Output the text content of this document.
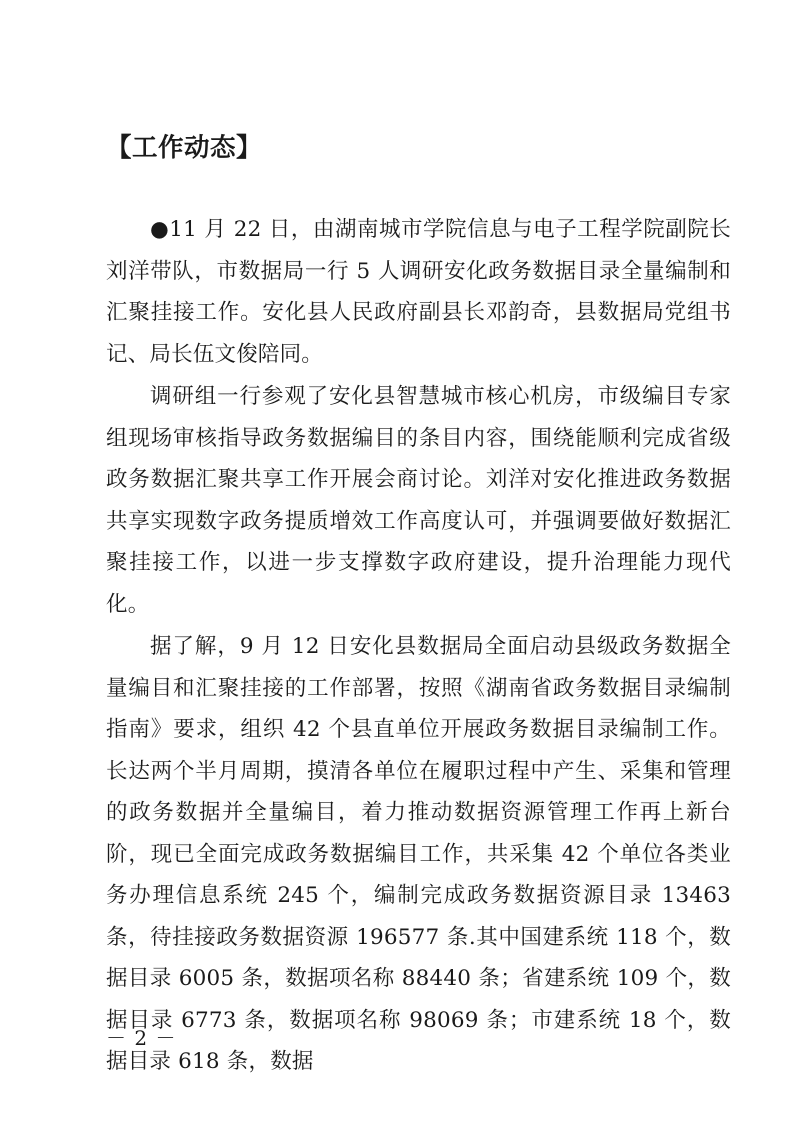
【工作动态】

●11 月 22 日，由湖南城市学院信息与电子工程学院副院长刘洋带队，市数据局一行 5 人调研安化政务数据目录全量编制和汇聚挂接工作。安化县人民政府副县长邓韵奇，县数据局党组书记、局长伍文俊陪同。

调研组一行参观了安化县智慧城市核心机房，市级编目专家组现场审核指导政务数据编目的条目内容，围绕能顺利完成省级政务数据汇聚共享工作开展会商讨论。刘洋对安化推进政务数据共享实现数字政务提质增效工作高度认可，并强调要做好数据汇聚挂接工作，以进一步支撑数字政府建设，提升治理能力现代化。

据了解，9 月 12 日安化县数据局全面启动县级政务数据全量编目和汇聚挂接的工作部署，按照《湖南省政务数据目录编制指南》要求，组织 42 个县直单位开展政务数据目录编制工作。长达两个半月周期，摸清各单位在履职过程中产生、采集和管理的政务数据并全量编目，着力推动数据资源管理工作再上新台阶，现已全面完成政务数据编目工作，共采集 42 个单位各类业务办理信息系统 245 个，编制完成政务数据资源目录 13463 条，待挂接政务数据资源 196577 条.其中国建系统 118 个，数据目录 6005 条，数据项名称 88440 条；省建系统 109 个，数据目录 6773 条，数据项名称 98069 条；市建系统 18 个，数据目录 618 条，数据

－ 2 －
